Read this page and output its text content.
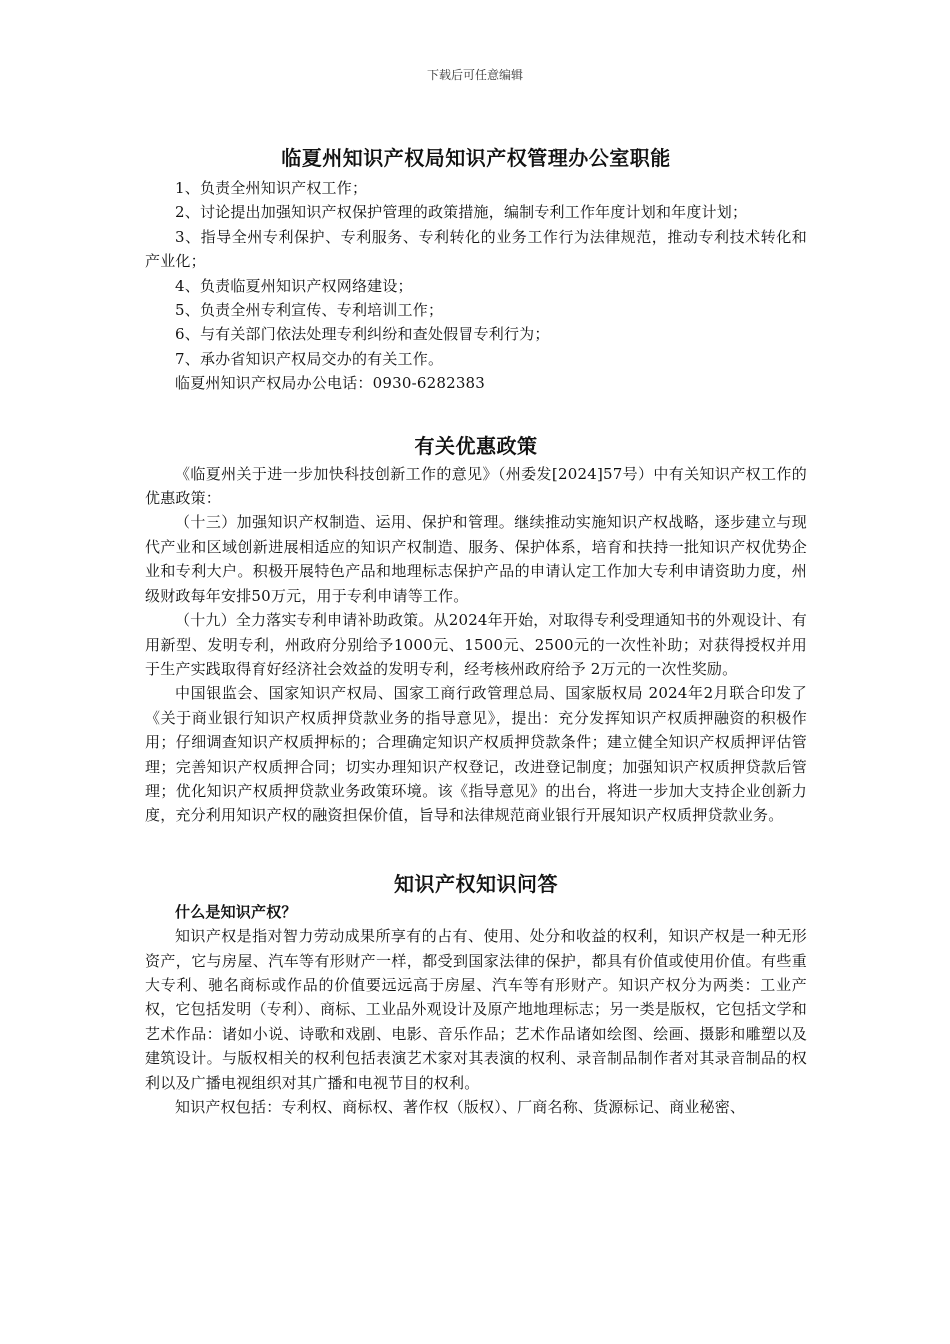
下载后可任意编辑
临夏州知识产权局知识产权管理办公室职能

1、负责全州知识产权工作；

2、讨论提出加强知识产权保护管理的政策措施，编制专利工作年度计划和年度计划；

3、指导全州专利保护、专利服务、专利转化的业务工作行为法律规范，推动专利技术转化和产业化；

4、负责临夏州知识产权网络建设；

5、负责全州专利宣传、专利培训工作；

6、与有关部门依法处理专利纠纷和查处假冒专利行为；

7、承办省知识产权局交办的有关工作。

临夏州知识产权局办公电话：0930-6282383

有关优惠政策

《临夏州关于进一步加快科技创新工作的意见》（州委发[2024]57号）中有关知识产权工作的优惠政策：

（十三）加强知识产权制造、运用、保护和管理。继续推动实施知识产权战略，逐步建立与现代产业和区域创新进展相适应的知识产权制造、服务、保护体系，培育和扶持一批知识产权优势企业和专利大户。积极开展特色产品和地理标志保护产品的申请认定工作加大专利申请资助力度，州级财政每年安排50万元，用于专利申请等工作。

（十九）全力落实专利申请补助政策。从2024年开始，对取得专利受理通知书的外观设计、有用新型、发明专利，州政府分别给予1000元、1500元、2500元的一次性补助；对获得授权并用于生产实践取得育好经济社会效益的发明专利，经考核州政府给予 2万元的一次性奖励。

中国银监会、国家知识产权局、国家工商行政管理总局、国家版权局 2024年2月联合印发了《关于商业银行知识产权质押贷款业务的指导意见》，提出：充分发挥知识产权质押融资的积极作用；仔细调查知识产权质押标的；合理确定知识产权质押贷款条件；建立健全知识产权质押评估管理；完善知识产权质押合同；切实办理知识产权登记，改进登记制度；加强知识产权质押贷款后管理；优化知识产权质押贷款业务政策环境。该《指导意见》的出台，将进一步加大支持企业创新力度，充分利用知识产权的融资担保价值，旨导和法律规范商业银行开展知识产权质押贷款业务。

知识产权知识问答
什么是知识产权？

知识产权是指对智力劳动成果所享有的占有、使用、处分和收益的权利，知识产权是一种无形资产，它与房屋、汽车等有形财产一样，都受到国家法律的保护，都具有价值或使用价值。有些重大专利、驰名商标或作品的价值要远远高于房屋、汽车等有形财产。知识产权分为两类：工业产权，它包括发明（专利）、商标、工业品外观设计及原产地地理标志；另一类是版权，它包括文学和艺术作品：诸如小说、诗歌和戏剧、电影、音乐作品；艺术作品诸如绘图、绘画、摄影和雕塑以及建筑设计。与版权相关的权利包括表演艺术家对其表演的权利、录音制品制作者对其录音制品的权利以及广播电视组织对其广播和电视节目的权利。

知识产权包括：专利权、商标权、著作权（版权）、厂商名称、货源标记、商业秘密、
